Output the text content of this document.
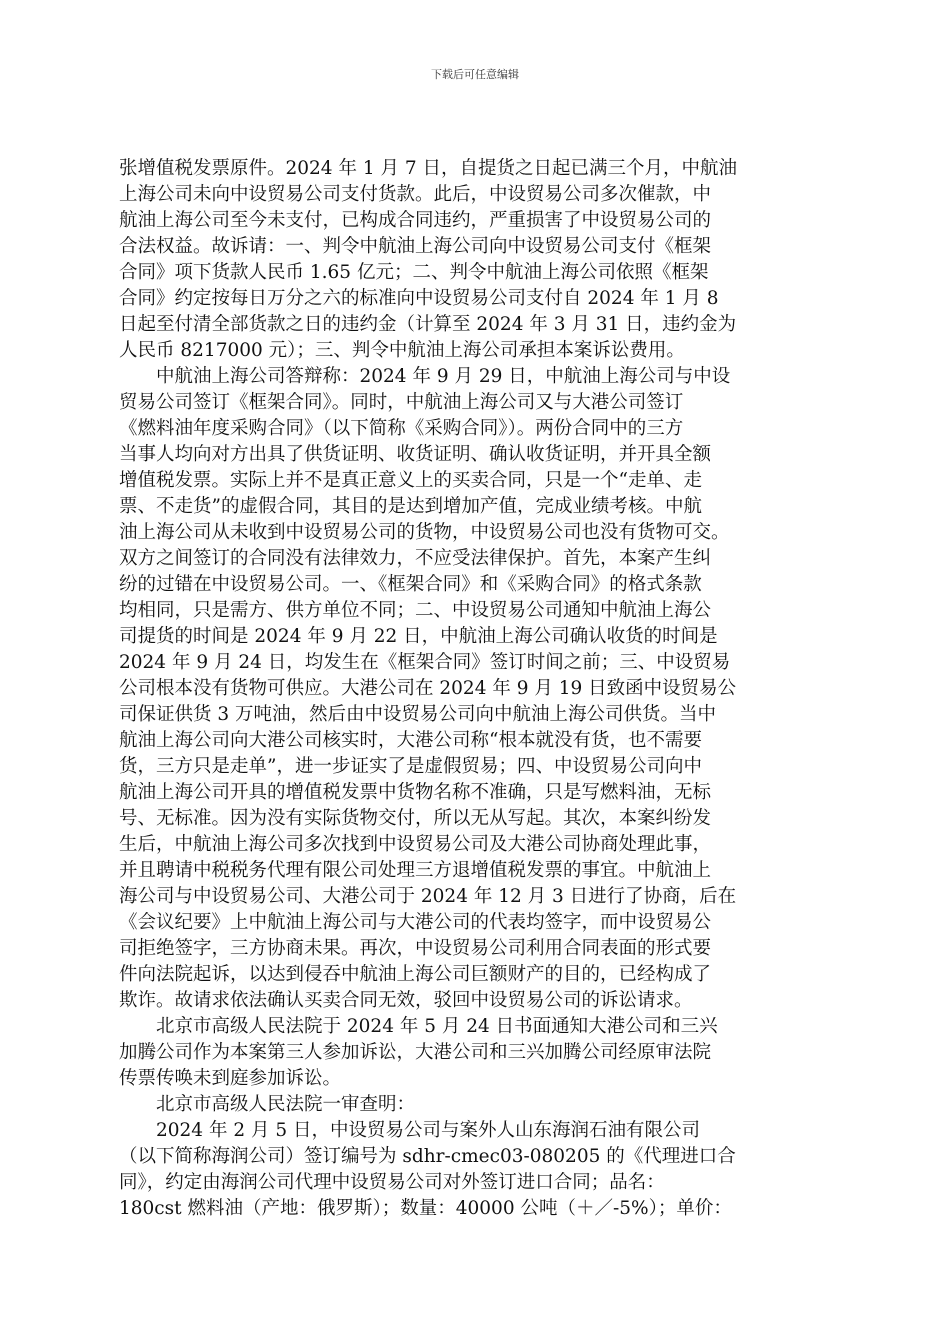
下载后可任意编辑
张增值税发票原件。2024 年 1 月 7 日，自提货之日起已满三个月，中航油
上海公司未向中设贸易公司支付货款。此后，中设贸易公司多次催款，中
航油上海公司至今未支付，已构成合同违约，严重损害了中设贸易公司的
合法权益。故诉请：一、判令中航油上海公司向中设贸易公司支付《框架
合同》项下货款人民币 1.65 亿元；二、判令中航油上海公司依照《框架
合同》约定按每日万分之六的标准向中设贸易公司支付自 2024 年 1 月 8
日起至付清全部货款之日的违约金（计算至 2024 年 3 月 31 日，违约金为
人民币 8217000 元）；三、判令中航油上海公司承担本案诉讼费用。
中航油上海公司答辩称：2024 年 9 月 29 日，中航油上海公司与中设
贸易公司签订《框架合同》。同时，中航油上海公司又与大港公司签订
《燃料油年度采购合同》（以下简称《采购合同》）。两份合同中的三方
当事人均向对方出具了供货证明、收货证明、确认收货证明，并开具全额
增值税发票。实际上并不是真正意义上的买卖合同，只是一个“走单、走
票、不走货”的虚假合同，其目的是达到增加产值，完成业绩考核。中航
油上海公司从未收到中设贸易公司的货物，中设贸易公司也没有货物可交。
双方之间签订的合同没有法律效力，不应受法律保护。首先，本案产生纠
纷的过错在中设贸易公司。一、《框架合同》和《采购合同》的格式条款
均相同，只是需方、供方单位不同；二、中设贸易公司通知中航油上海公
司提货的时间是 2024 年 9 月 22 日，中航油上海公司确认收货的时间是
2024 年 9 月 24 日，均发生在《框架合同》签订时间之前；三、中设贸易
公司根本没有货物可供应。大港公司在 2024 年 9 月 19 日致函中设贸易公
司保证供货 3 万吨油，然后由中设贸易公司向中航油上海公司供货。当中
航油上海公司向大港公司核实时，大港公司称“根本就没有货，也不需要
货，三方只是走单”，进一步证实了是虚假贸易；四、中设贸易公司向中
航油上海公司开具的增值税发票中货物名称不准确，只是写燃料油，无标
号、无标准。因为没有实际货物交付，所以无从写起。其次，本案纠纷发
生后，中航油上海公司多次找到中设贸易公司及大港公司协商处理此事，
并且聘请中税税务代理有限公司处理三方退增值税发票的事宜。中航油上
海公司与中设贸易公司、大港公司于 2024 年 12 月 3 日进行了协商，后在
《会议纪要》上中航油上海公司与大港公司的代表均签字，而中设贸易公
司拒绝签字，三方协商未果。再次，中设贸易公司利用合同表面的形式要
件向法院起诉，以达到侵吞中航油上海公司巨额财产的目的，已经构成了
欺诈。故请求依法确认买卖合同无效，驳回中设贸易公司的诉讼请求。
北京市高级人民法院于 2024 年 5 月 24 日书面通知大港公司和三兴
加腾公司作为本案第三人参加诉讼，大港公司和三兴加腾公司经原审法院
传票传唤未到庭参加诉讼。
北京市高级人民法院一审查明：
2024 年 2 月 5 日，中设贸易公司与案外人山东海润石油有限公司
（以下简称海润公司）签订编号为 sdhr-cmec03-080205 的《代理进口合
同》，约定由海润公司代理中设贸易公司对外签订进口合同；品名：
180cst 燃料油（产地：俄罗斯）；数量：40000 公吨（＋／-5%）；单价：
